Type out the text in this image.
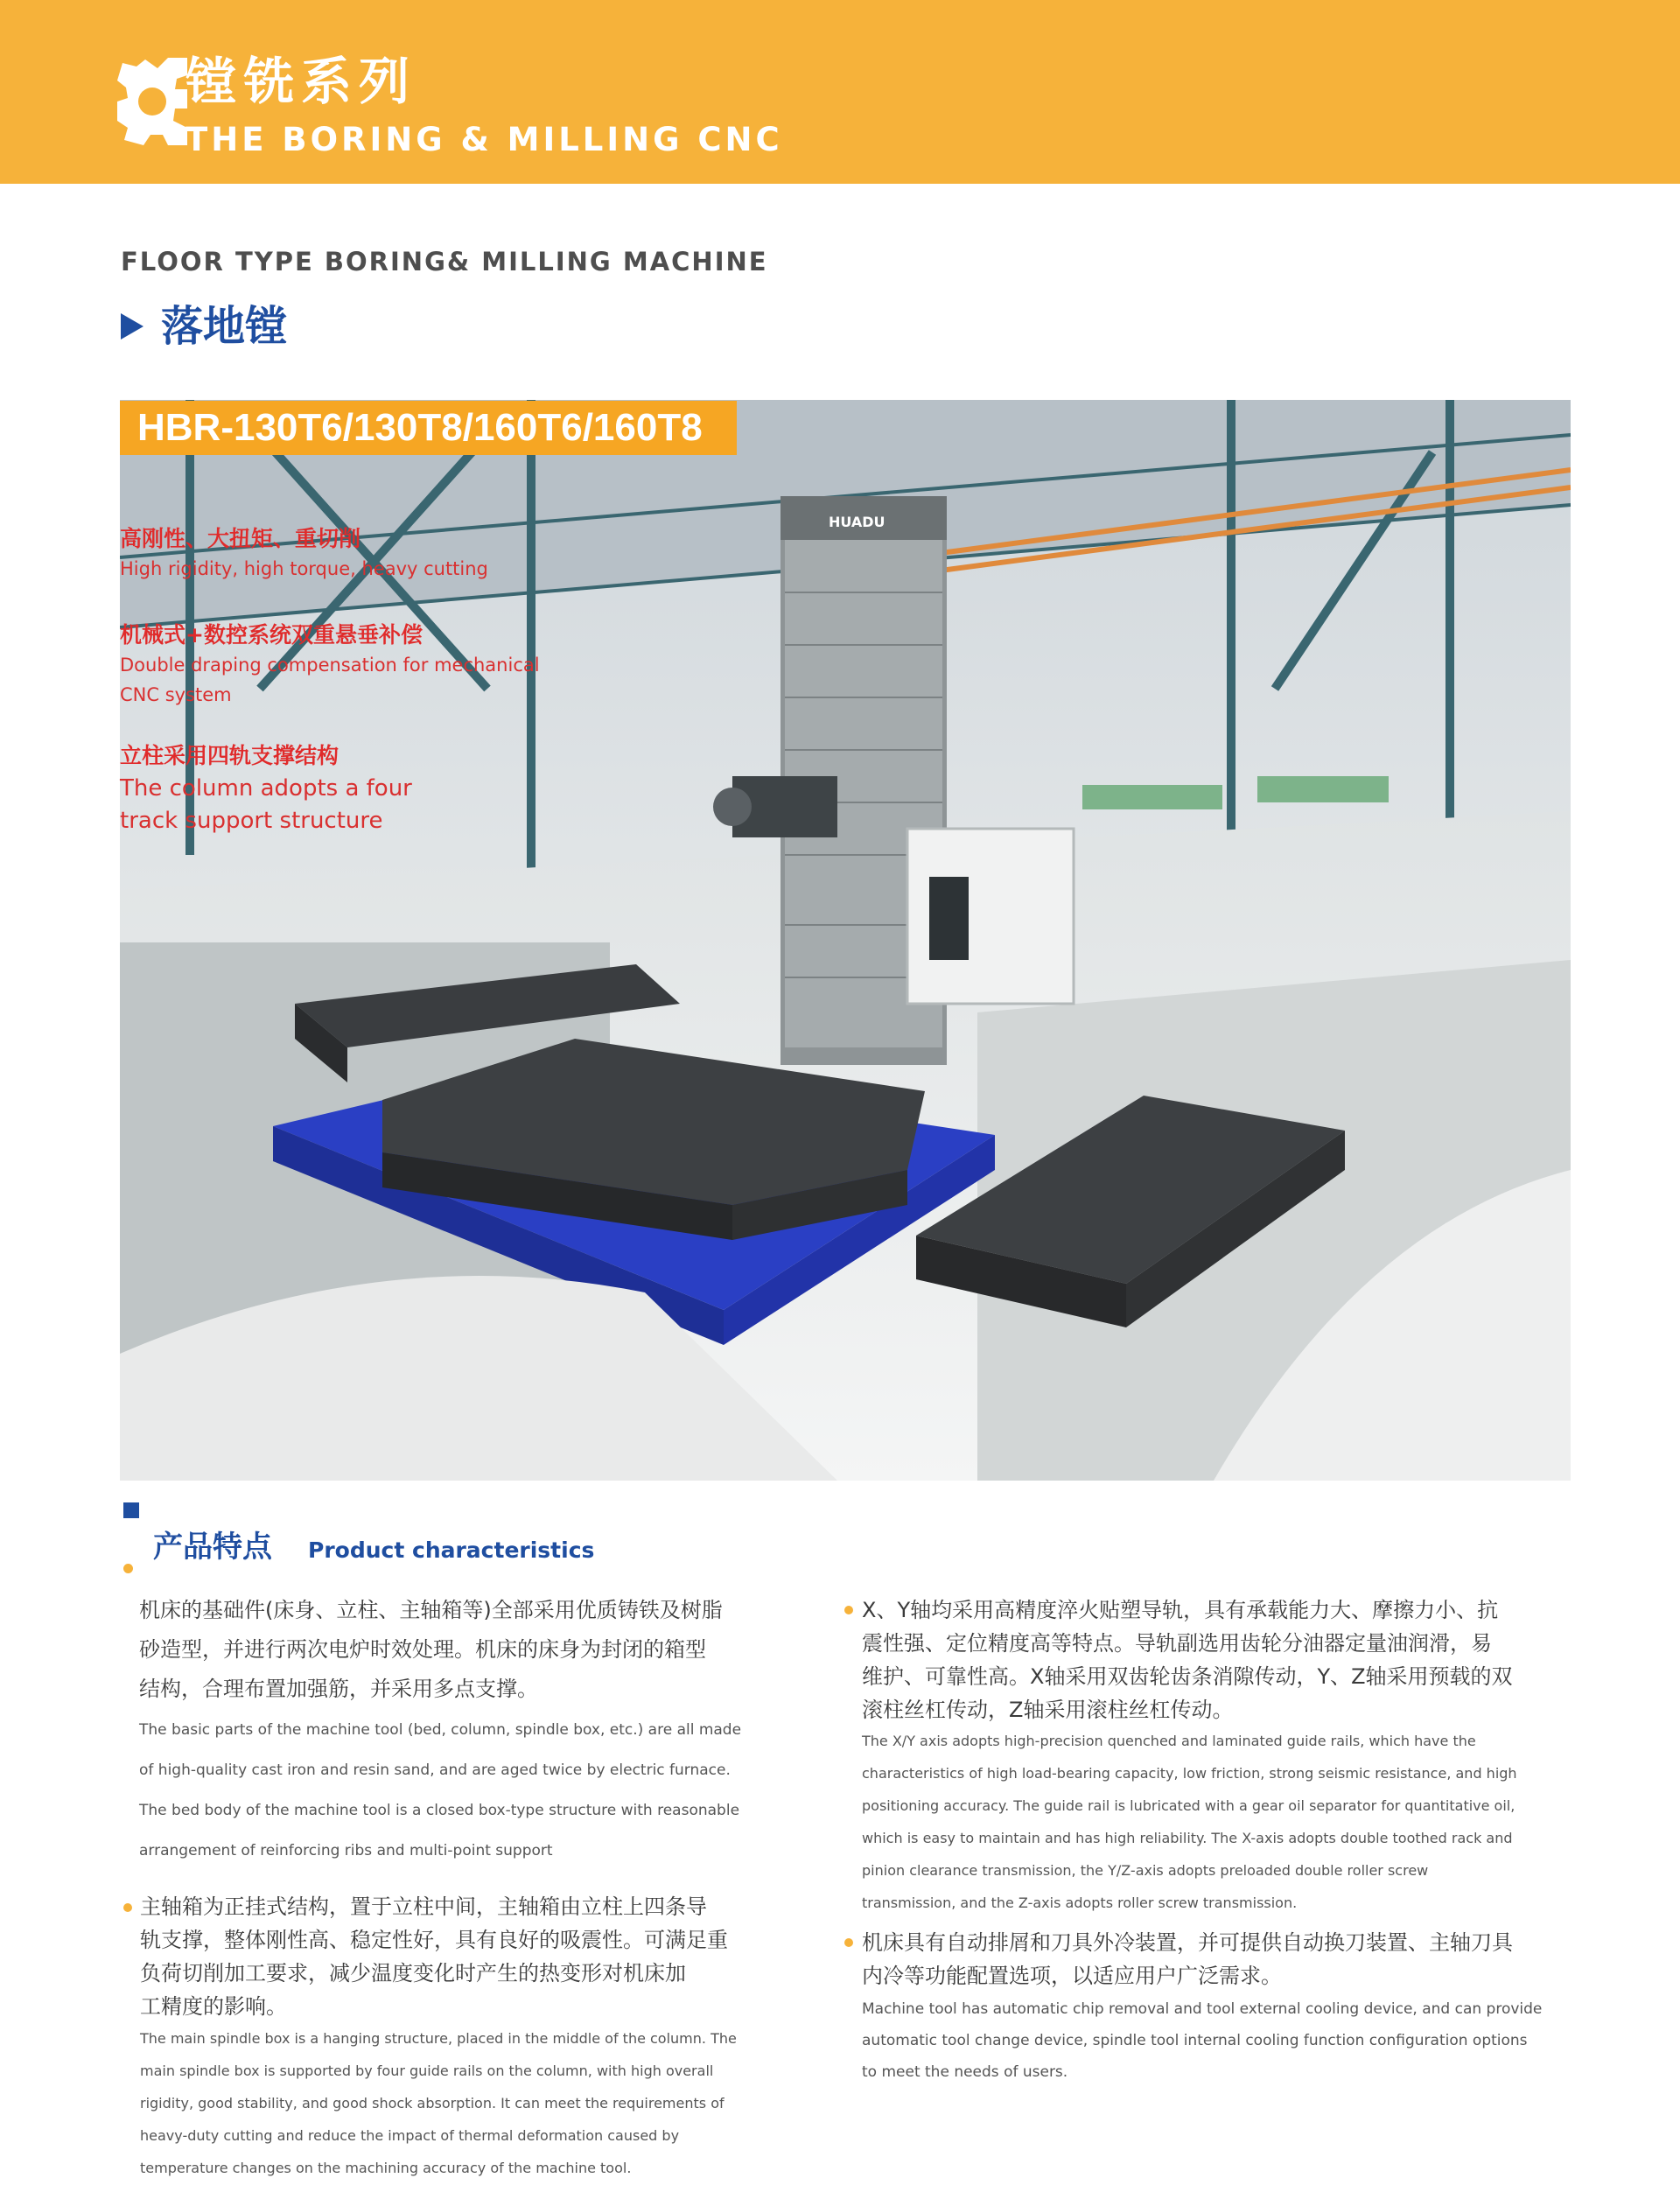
镗铣系列
THE BORING & MILLING CNC
FLOOR TYPE BORING& MILLING MACHINE
落地镗
HUADU
HBR-130T6/130T8/160T6/160T8
高刚性、大扭矩、重切削
High rigidity, high torque, heavy cutting
机械式+数控系统双重悬垂补偿
Double draping compensation for mechanical
CNC system
立柱采用四轨支撑结构
The column adopts a four
track support structure
产品特点 Product characteristics
机床的基础件(床身、立柱、主轴箱等)全部采用优质铸铁及树脂
砂造型，并进行两次电炉时效处理。机床的床身为封闭的箱型
结构，合理布置加强筋，并采用多点支撑。
The basic parts of the machine tool (bed, column, spindle box, etc.) are all made
of high-quality cast iron and resin sand, and are aged twice by electric furnace.
The bed body of the machine tool is a closed box-type structure with reasonable
arrangement of reinforcing ribs and multi-point support
主轴箱为正挂式结构，置于立柱中间，主轴箱由立柱上四条导
轨支撑，整体刚性高、稳定性好，具有良好的吸震性。可满足重
负荷切削加工要求，减少温度变化时产生的热变形对机床加
工精度的影响。
The main spindle box is a hanging structure, placed in the middle of the column. The
main spindle box is supported by four guide rails on the column, with high overall
rigidity, good stability, and good shock absorption. It can meet the requirements of
heavy-duty cutting and reduce the impact of thermal deformation caused by
temperature changes on the machining accuracy of the machine tool.
X、Y轴均采用高精度淬火贴塑导轨，具有承载能力大、摩擦力小、抗
震性强、定位精度高等特点。导轨副选用齿轮分油器定量油润滑，易
维护、可靠性高。X轴采用双齿轮齿条消隙传动，Y、Z轴采用预载的双
滚柱丝杠传动，Z轴采用滚柱丝杠传动。
The X/Y axis adopts high-precision quenched and laminated guide rails, which have the
characteristics of high load-bearing capacity, low friction, strong seismic resistance, and high
positioning accuracy. The guide rail is lubricated with a gear oil separator for quantitative oil,
which is easy to maintain and has high reliability. The X-axis adopts double toothed rack and
pinion clearance transmission, the Y/Z-axis adopts preloaded double roller screw
transmission, and the Z-axis adopts roller screw transmission.
机床具有自动排屑和刀具外冷装置，并可提供自动换刀装置、主轴刀具
内冷等功能配置选项，以适应用户广泛需求。
Machine tool has automatic chip removal and tool external cooling device, and can provide
automatic tool change device, spindle tool internal cooling function configuration options
to meet the needs of users.
